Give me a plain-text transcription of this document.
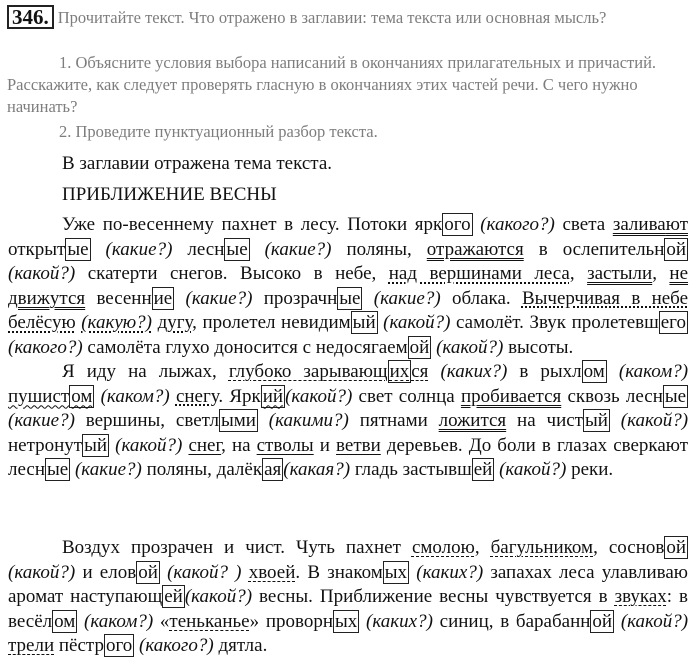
346. Прочитайте текст. Что отражено в заглавии: тема текста или основная мысль?
1. Объясните условия выбора написаний в окончаниях прилагательных и причастий. Расскажите, как следует проверять гласную в окончаниях этих частей речи. С чего нужно начинать?
2. Проведите пунктуационный разбор текста.
В заглавии отражена тема текста.
ПРИБЛИЖЕНИЕ ВЕСНЫ
Уже по-весеннему пахнет в лесу. Потоки ярк ого (какого?) света заливают открыт ые (какие?) лесн ые (какие?) поляны, отражаются в ослепительн ой (какой?) скатерти снегов. Высоко в небе, над вершинами леса, застыли, не движутся весенн ие (какие?) прозрачн ые (какие?) облака. Вычерчивая в небе белёсую (какую?) дугу, пролетел невидим ый (какой?) самолёт. Звук пролетевш его (какого?) самолёта глухо доносится с недосягаем ой (какой?) высоты.
Я иду на лыжах, глубоко зарывающ их ся (каких?) в рыхл ом (каком?) пушист ом (каком?) снегу. Ярк ий (какой?) свет солнца пробивается сквозь лесн ые (какие?) вершины, светл ыми (какими?) пятнами ложится на чист ый (какой?) нетронут ый (какой?) снег, на стволы и ветви деревьев. До боли в глазах сверкают лесн ые (какие?) поляны, далёк ая (какая?) гладь застывш ей (какой?) реки.
Воздух прозрачен и чист. Чуть пахнет смолою, багульником, соснов ой (какой?) и елов ой (какой? ) хвоей. В знаком ых (каких?) запахах леса улавливаю аромат наступающ ей (какой?) весны. Приближение весны чувствуется в звуках: в весёл ом (каком?) «теньканье» проворн ых (каких?) синиц, в барабанн ой (какой?) трели пёстр ого (какого?) дятла.
